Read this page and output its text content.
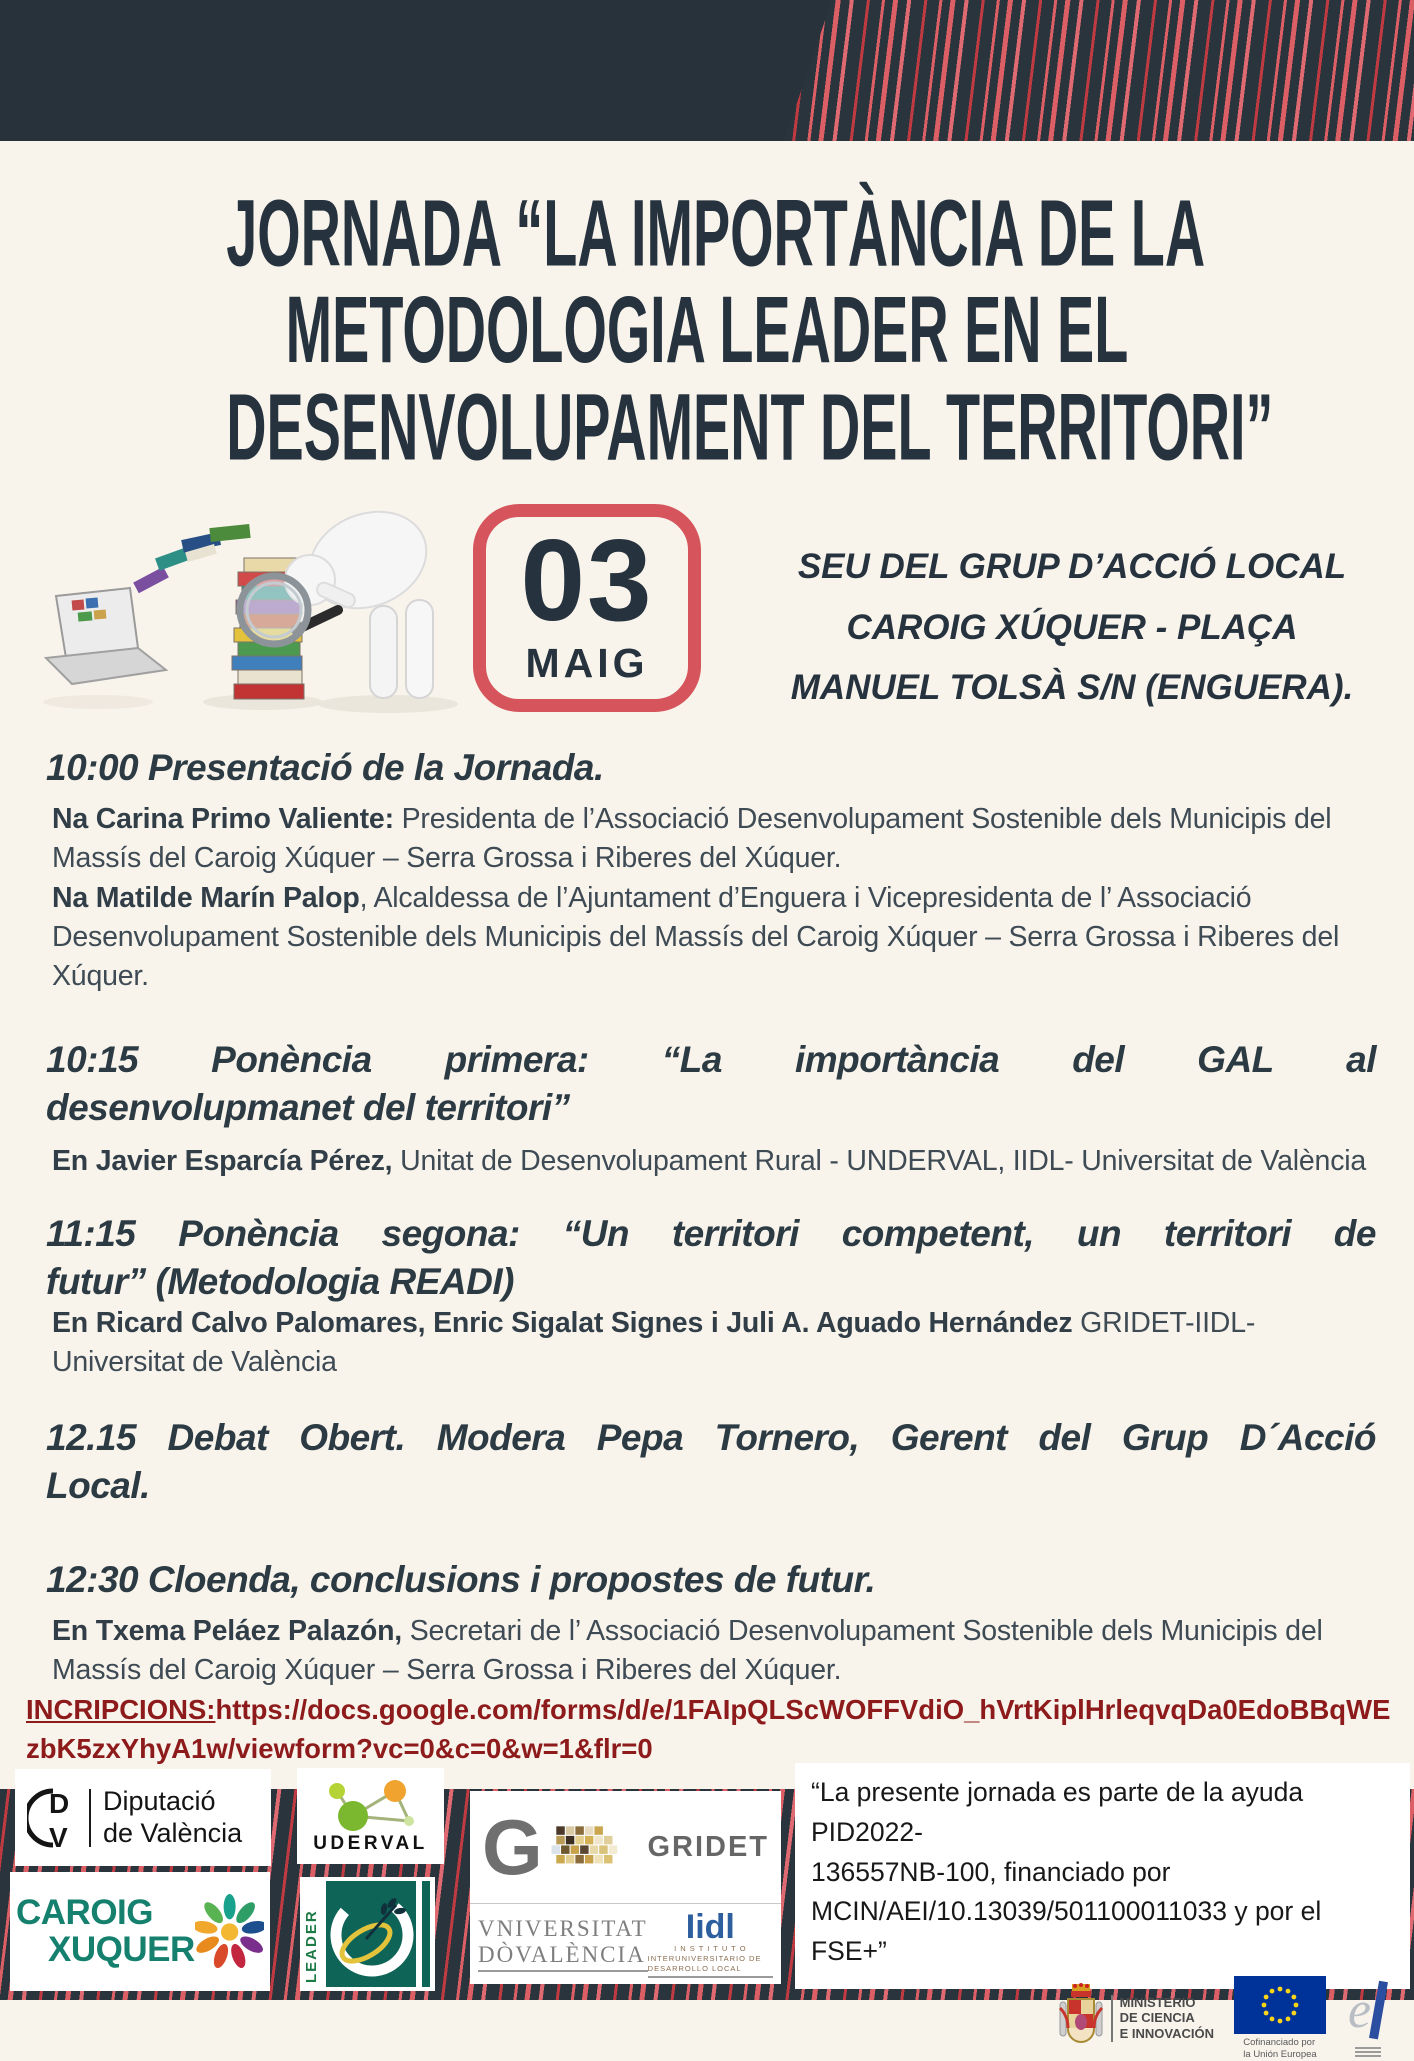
JORNADA “LA IMPORTÀNCIA DE LA
METODOLOGIA LEADER EN EL
DESENVOLUPAMENT DEL TERRITORI”
03
MAIG
SEU DEL GRUP D’ACCIÓ LOCAL
CAROIG XÚQUER - PLAÇA
MANUEL TOLSÀ S/N (ENGUERA).
10:00 Presentació de la Jornada.

Na Carina Primo Valiente: Presidenta de l’Associació Desenvolupament Sostenible dels Municipis del Massís del Caroig Xúquer – Serra Grossa i Riberes del Xúquer.

Na Matilde Marín Palop, Alcaldessa de l’Ajuntament d’Enguera i Vicepresidenta de l’ Associació Desenvolupament Sostenible dels Municipis del Massís del Caroig Xúquer – Serra Grossa i Riberes del Xúquer.

10:15 Ponència primera: “La importància del GAL al
desenvolupmanet del territori”
En Javier Esparcía Pérez, Unitat de Desenvolupament Rural - UNDERVAL, IIDL- Universitat de València
11:15 Ponència segona: “Un territori competent, un territori de
futur” (Metodologia READI)
En Ricard Calvo Palomares, Enric Sigalat Signes i Juli A. Aguado Hernández GRIDET-IIDL- Universitat de València
12.15 Debat Obert. Modera Pepa Tornero, Gerent del Grup D´Acció
Local.
12:30 Cloenda, conclusions i propostes de futur.
En Txema Peláez Palazón, Secretari de l’ Associació Desenvolupament Sostenible dels Municipis del Massís del Caroig Xúquer – Serra Grossa i Riberes del Xúquer.
INCRIPCIONS:https://docs.google.com/forms/d/e/1FAIpQLScWOFFVdiO_hVrtKiplHrleqvqDa0EdoBBqWEzbK5zxYhyA1w/viewform?vc=0&c=0&w=1&flr=0
D
V
Diputació
de València	UDERVAL
CAROIG
XUQUER	LEADER
G	GRIDET
VNIVERSITAT
DÒVALÈNCIA
Iidl
I N S T I T U T O
INTERUNIVERSITARIO DE DESARROLLO LOCAL
“La presente jornada es parte de la ayuda PID2022-
136557NB-100, financiado por
MCIN/AEI/10.13039/501100011033 y por el FSE+”
MINISTERIO
DE CIENCIA
E INNOVACIÓN
Cofinanciado por
la Unión Europea
e
